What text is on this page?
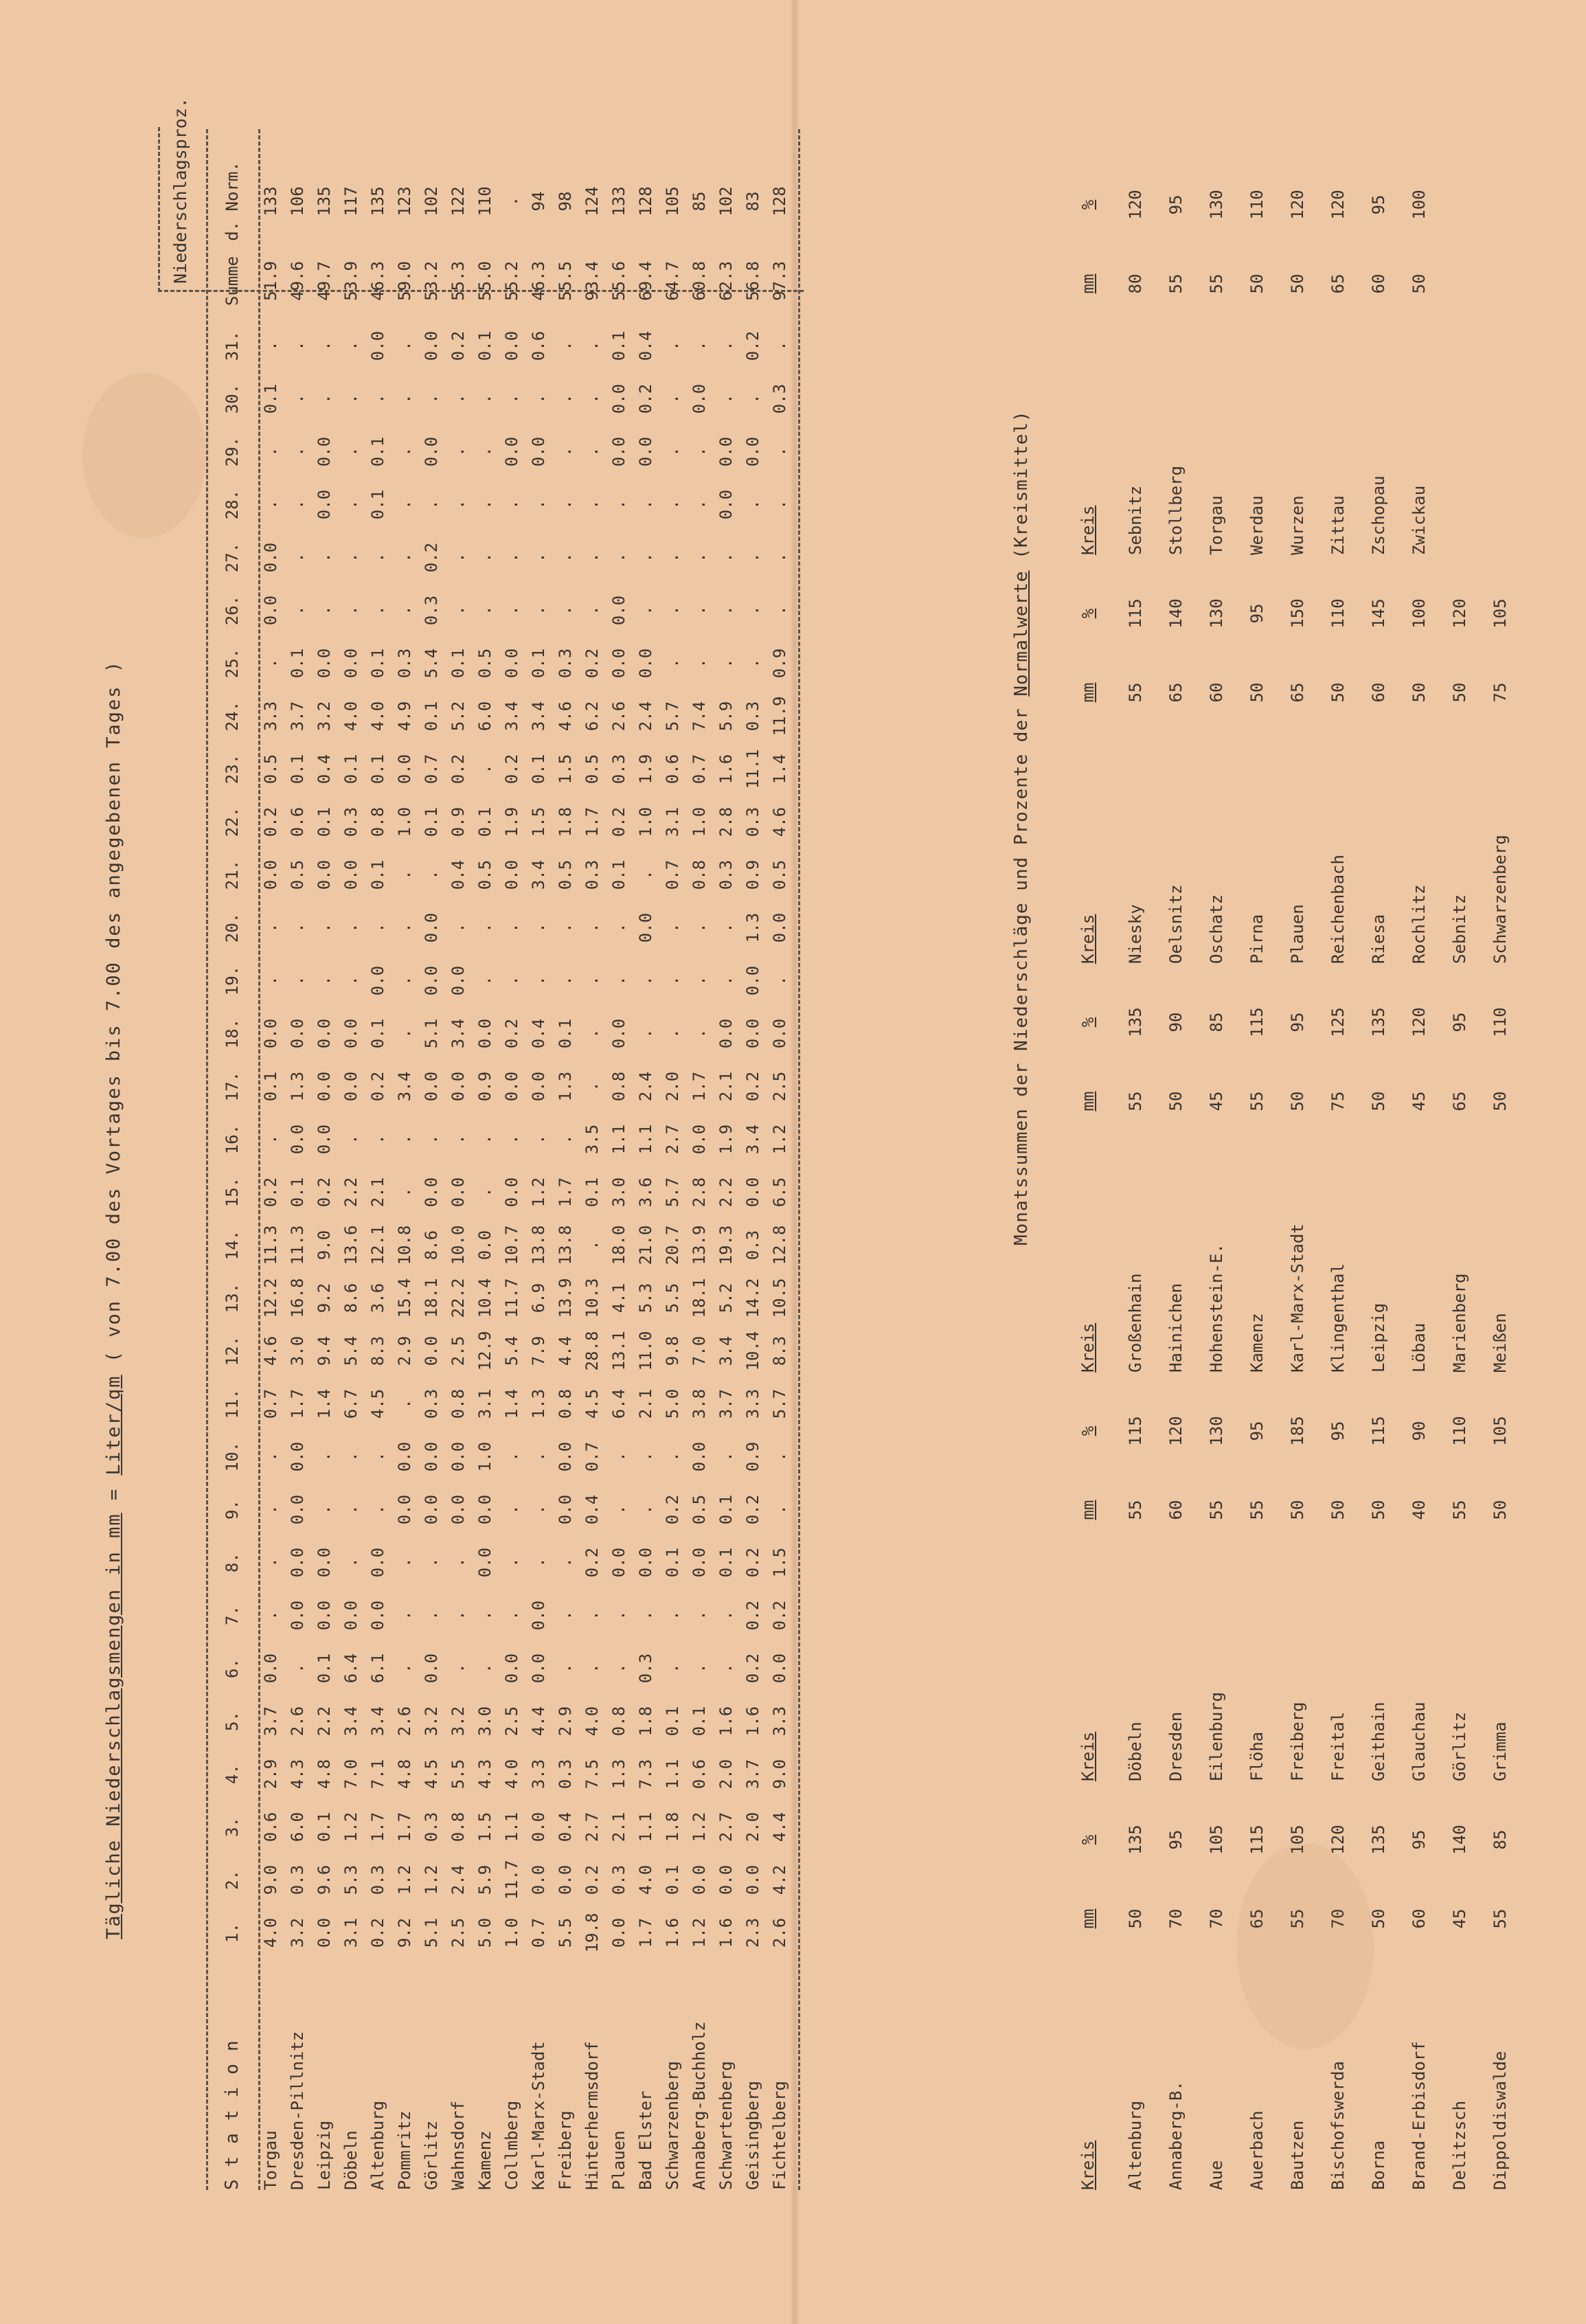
Tägliche Niederschlagsmengen in mm = Liter/qm ( von 7.00 des Vortages bis 7.00 des angegebenen Tages )
Niederschlagsproz.
Station	1.	2.	3.	4.	5.	6.	7.	8.	9.	10.	11.	12.	13.	14.	15.	16.	17.	18.	19.	20.	21.	22.	23.	24.	25.	26.	27.	28.	29.	30.	31.	Summe	d. Norm.
Torgau	4.0	9.0	0.6	2.9	3.7	0.0	.	.	.	.	0.7	4.6	12.2	11.3	0.2	.	0.1	0.0	.	.	0.0	0.2	0.5	3.3	.	0.0	0.0	.	.	0.1	.	51.9	133
Dresden-Pillnitz	3.2	0.3	6.0	4.3	2.6	.	0.0	0.0	0.0	0.0	1.7	3.0	16.8	11.3	0.1	0.0	1.3	0.0	.	.	0.5	0.6	0.1	3.7	0.1	.	.	.	.	.	.	49.6	106
Leipzig	0.0	9.6	0.1	4.8	2.2	0.1	0.0	0.0	.	.	1.4	9.4	9.2	9.0	0.2	0.0	0.0	0.0	.	.	0.0	0.1	0.4	3.2	0.0	.	.	0.0	0.0	.	.	49.7	135
Döbeln	3.1	5.3	1.2	7.0	3.4	6.4	0.0	.	.	.	6.7	5.4	8.6	13.6	2.2	.	0.0	0.0	.	.	0.0	0.3	0.1	4.0	0.0	.	.	.	.	.	.	53.9	117
Altenburg	0.2	0.3	1.7	7.1	3.4	6.1	0.0	0.0	.	.	4.5	8.3	3.6	12.1	2.1	.	0.2	0.1	0.0	.	0.1	0.8	0.1	4.0	0.1	.	.	0.1	0.1	.	0.0	46.3	135
Pommritz	9.2	1.2	1.7	4.8	2.6	.	.	.	0.0	0.0	.	2.9	15.4	10.8	.	.	3.4	.	.	.	.	1.0	0.0	4.9	0.3	.	.	.	.	.	.	59.0	123
Görlitz	5.1	1.2	0.3	4.5	3.2	0.0	.	.	0.0	0.0	0.3	0.0	18.1	8.6	0.0	.	0.0	5.1	0.0	0.0	.	0.1	0.7	0.1	5.4	0.3	0.2	.	0.0	.	0.0	53.2	102
Wahnsdorf	2.5	2.4	0.8	5.5	3.2	.	.	.	0.0	0.0	0.8	2.5	22.2	10.0	0.0	.	0.0	3.4	0.0	.	0.4	0.9	0.2	5.2	0.1	.	.	.	.	.	0.2	55.3	122
Kamenz	5.0	5.9	1.5	4.3	3.0	.	.	0.0	0.0	1.0	3.1	12.9	10.4	0.0	.	.	0.9	0.0	.	.	0.5	0.1	.	6.0	0.5	.	.	.	.	.	0.1	55.0	110
Collmberg	1.0	11.7	1.1	4.0	2.5	0.0	.	.	.	.	1.4	5.4	11.7	10.7	0.0	.	0.0	0.2	.	.	0.0	1.9	0.2	3.4	0.0	.	.	.	0.0	.	0.0	55.2	.
Karl-Marx-Stadt	0.7	0.0	0.0	3.3	4.4	0.0	0.0	.	.	.	1.3	7.9	6.9	13.8	1.2	.	0.0	0.4	.	.	3.4	1.5	0.1	3.4	0.1	.	.	.	0.0	.	0.6	46.3	94
Freiberg	5.5	0.0	0.4	0.3	2.9	.	.	.	0.0	0.0	0.8	4.4	13.9	13.8	1.7	.	1.3	0.1	.	.	0.5	1.8	1.5	4.6	0.3	.	.	.	.	.	.	55.5	98
Hinterhermsdorf	19.8	0.2	2.7	7.5	4.0	.	.	0.2	0.4	0.7	4.5	28.8	10.3	.	0.1	3.5	.	.	.	.	0.3	1.7	0.5	6.2	0.2	.	.	.	.	.	.	93.4	124
Plauen	0.0	0.3	2.1	1.3	0.8	.	.	0.0	.	.	6.4	13.1	4.1	18.0	3.0	1.1	0.8	0.0	.	.	0.1	0.2	0.3	2.6	0.0	0.0	.	.	0.0	0.0	0.1	55.6	133
Bad Elster	1.7	4.0	1.1	7.3	1.8	0.3	.	0.0	.	.	2.1	11.0	5.3	21.0	3.6	1.1	2.4	.	.	0.0	.	1.0	1.9	2.4	0.0	.	.	.	0.0	0.2	0.4	69.4	128
Schwarzenberg	1.6	0.1	1.8	1.1	0.1	.	.	0.1	0.2	.	5.0	9.8	5.5	20.7	5.7	2.7	2.0	.	.	.	0.7	3.1	0.6	5.7	.	.	.	.	.	.	.	64.7	105
Annaberg-Buchholz	1.2	0.0	1.2	0.6	0.1	.	.	0.0	0.5	0.0	3.8	7.0	18.1	13.9	2.8	0.0	1.7	.	.	.	0.8	1.0	0.7	7.4	.	.	.	.	.	0.0	.	60.8	85
Schwartenberg	1.6	0.0	2.7	2.0	1.6	.	.	0.1	0.1	.	3.7	3.4	5.2	19.3	2.2	1.9	2.1	0.0	.	.	0.3	2.8	1.6	5.9	.	.	.	0.0	0.0	.	.	62.3	102
Geisingberg	2.3	0.0	2.0	3.7	1.6	0.2	0.2	0.2	0.2	0.9	3.3	10.4	14.2	0.3	0.0	3.4	0.2	0.0	0.0	1.3	0.9	0.3	11.1	0.3	.	.	.	.	0.0	.	0.2	56.8	83
Fichtelberg	2.6	4.2	4.4	9.0	3.3	0.0	0.2	1.5	.	.	5.7	8.3	10.5	12.8	6.5	1.2	2.5	0.0	.	0.0	0.5	4.6	1.4	11.9	0.9	.	.	.	.	0.3	.	97.3	128
Monatssummen der Niederschläge und Prozente der Normalwerte (Kreismittel)
Kreis	mm	%
Altenburg	50	135
Annaberg-B.	70	95
Aue	70	105
Auerbach	65	115
Bautzen	55	105
Bischofswerda	70	120
Borna	50	135
Brand-Erbisdorf	60	95
Delitzsch	45	140
Dippoldiswalde	55	85
Kreis	mm	%
Döbeln	55	115
Dresden	60	120
Eilenburg	55	130
Flöha	55	95
Freiberg	50	185
Freital	50	95
Geithain	50	115
Glauchau	40	90
Görlitz	55	110
Grimma	50	105
Kreis	mm	%
Großenhain	55	135
Hainichen	50	90
Hohenstein-E.	45	85
Kamenz	55	115
Karl-Marx-Stadt	50	95
Klingenthal	75	125
Leipzig	50	135
Löbau	45	120
Marienberg	65	95
Meißen	50	110
Kreis	mm	%
Niesky	55	115
Oelsnitz	65	140
Oschatz	60	130
Pirna	50	95
Plauen	65	150
Reichenbach	50	110
Riesa	60	145
Rochlitz	50	100
Sebnitz	50	120
Schwarzenberg	75	105
Kreis	mm	%
Sebnitz	80	120
Stollberg	55	95
Torgau	55	130
Werdau	50	110
Wurzen	50	120
Zittau	65	120
Zschopau	60	95
Zwickau	50	100
